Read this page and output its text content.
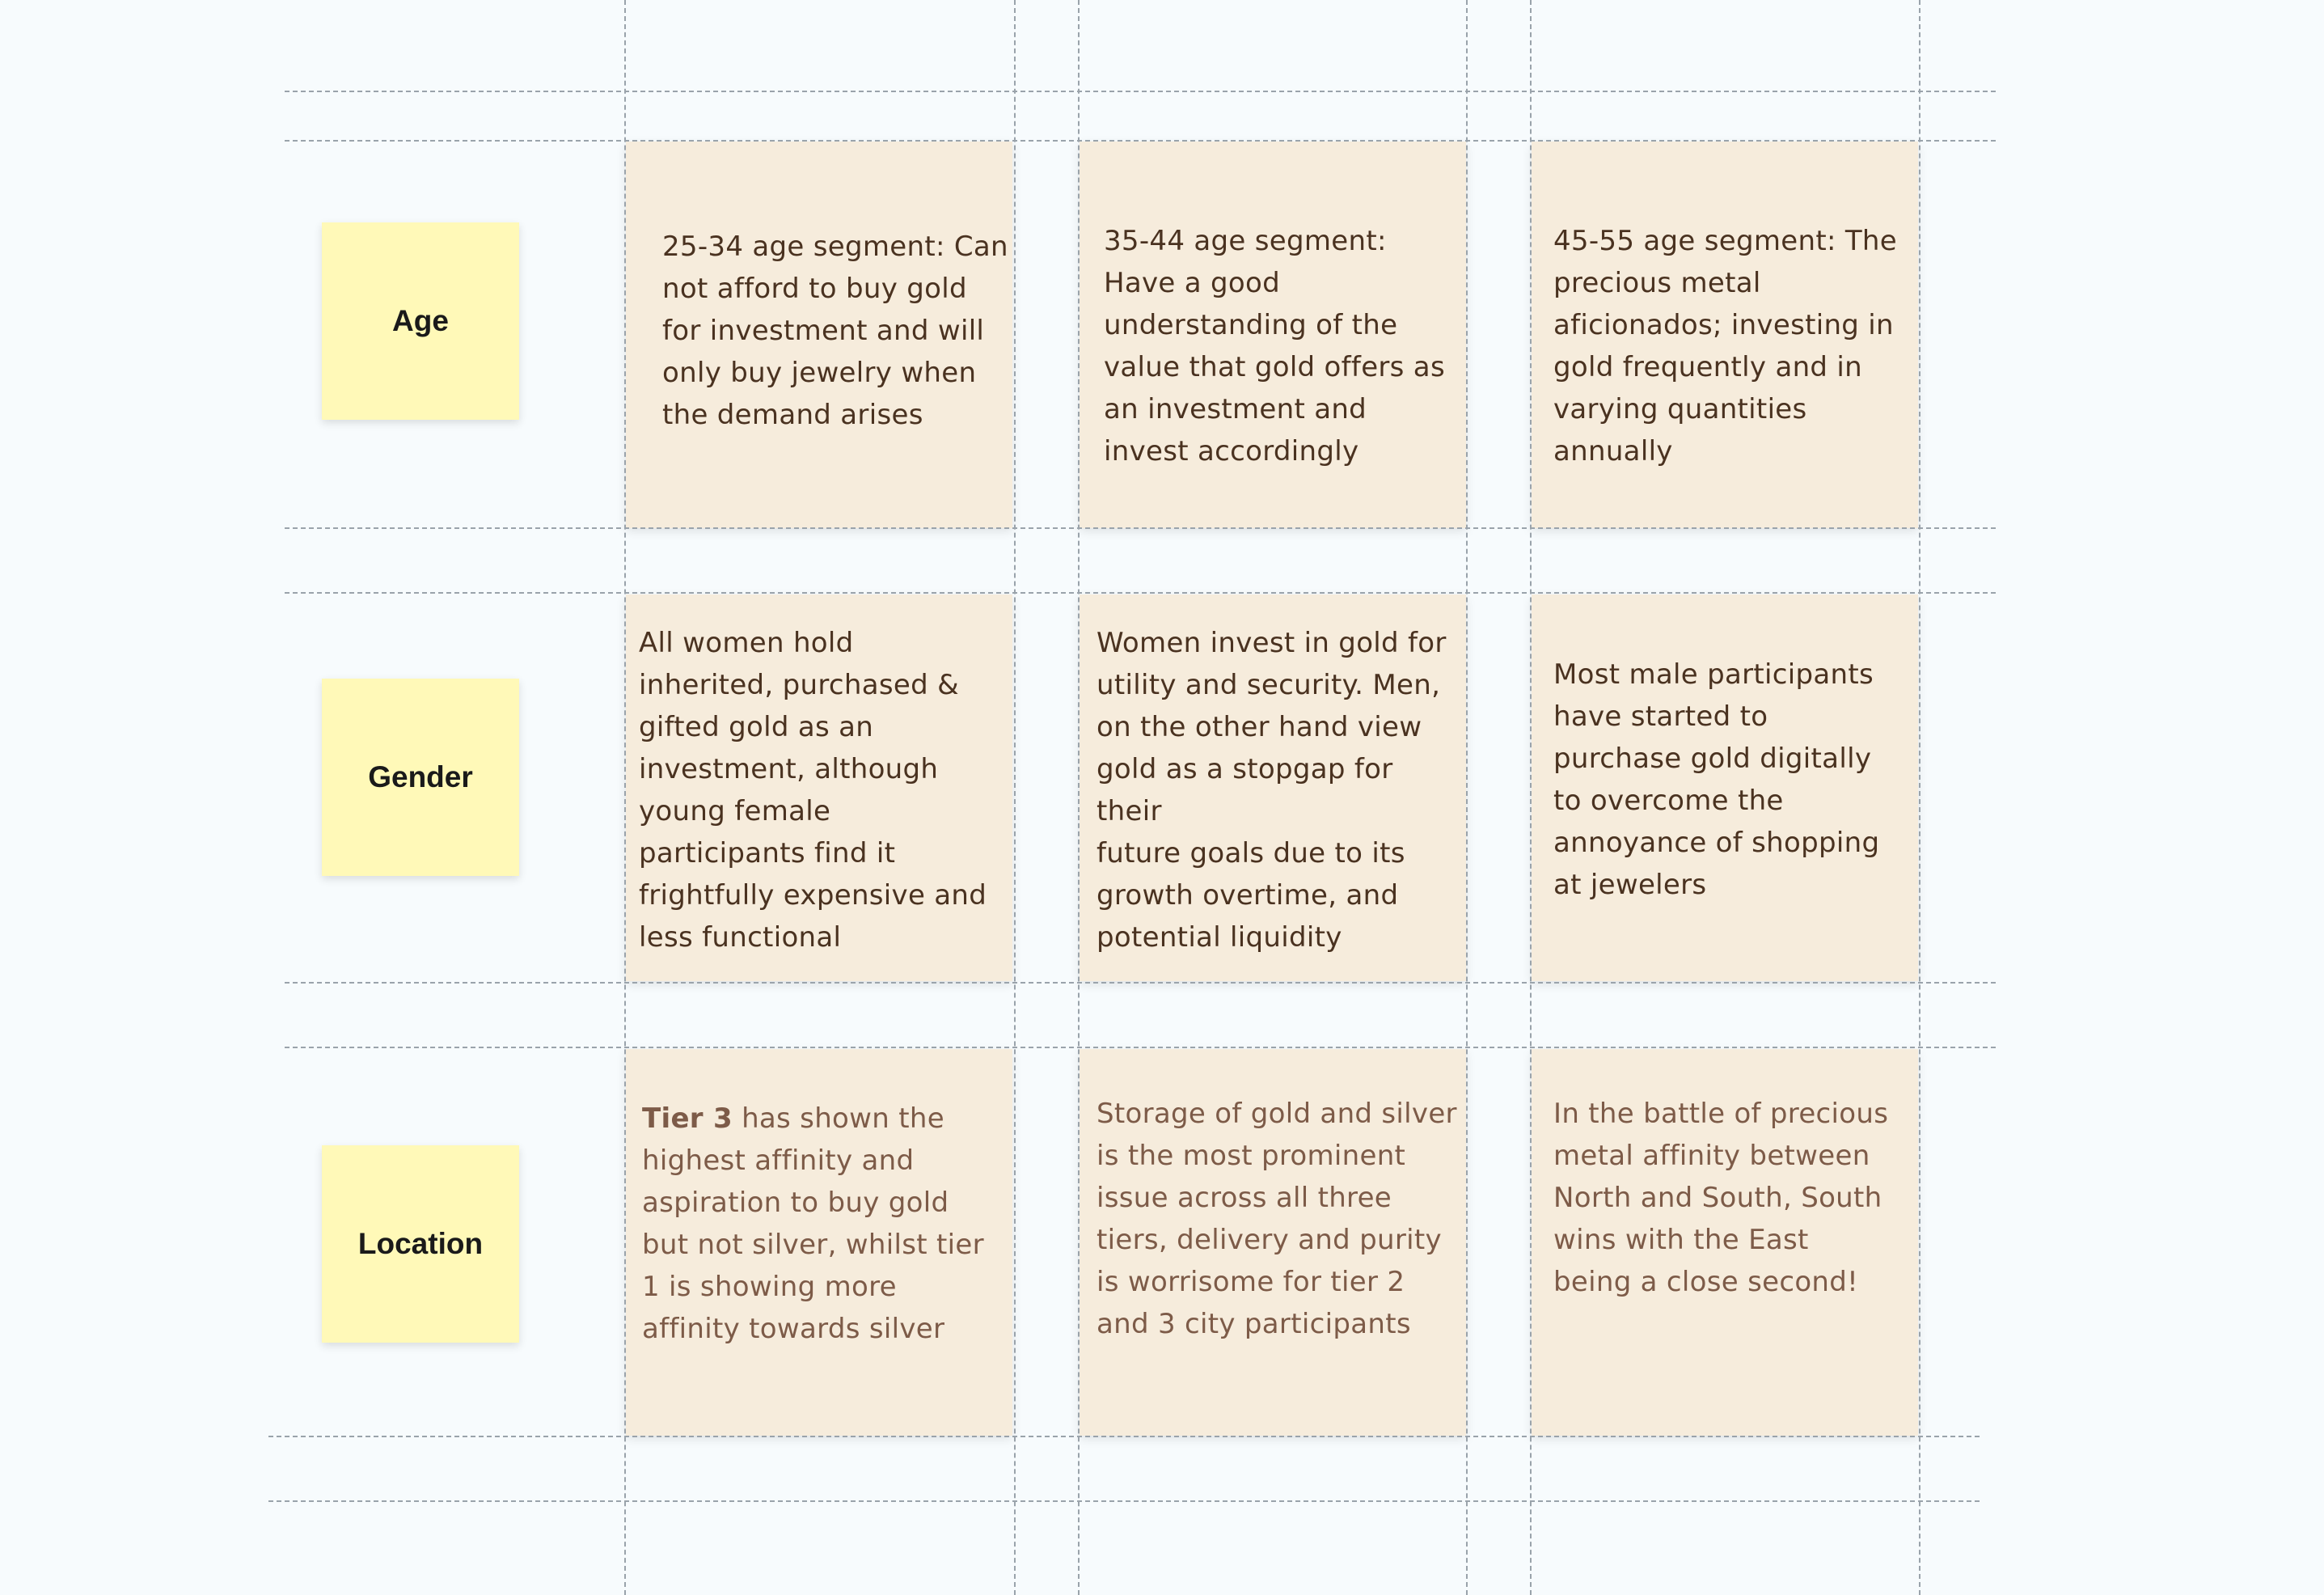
Age
Gender
Location
25-34 age segment: Can
not afford to buy gold
for investment and will
only buy jewelry when
the demand arises
35-44 age segment:
Have a good
understanding of the
value that gold offers as
an investment and
invest accordingly
45-55 age segment: The
precious metal
aficionados; investing in
gold frequently and in
varying quantities
annually
All women hold
inherited, purchased &
gifted gold as an
investment, although
young female
participants find it
frightfully expensive and
less functional
Women invest in gold for
utility and security. Men,
on the other hand view
gold as a stopgap for their
future goals due to its
growth overtime, and
potential liquidity
Most male participants
have started to
purchase gold digitally
to overcome the
annoyance of shopping
at jewelers
Tier 3 has shown the
highest affinity and
aspiration to buy gold
but not silver, whilst tier
1 is showing more
affinity towards silver
Storage of gold and silver
is the most prominent
issue across all three
tiers, delivery and purity
is worrisome for tier 2
and 3 city participants
In the battle of precious
metal affinity between
North and South, South
wins with the East
being a close second!
